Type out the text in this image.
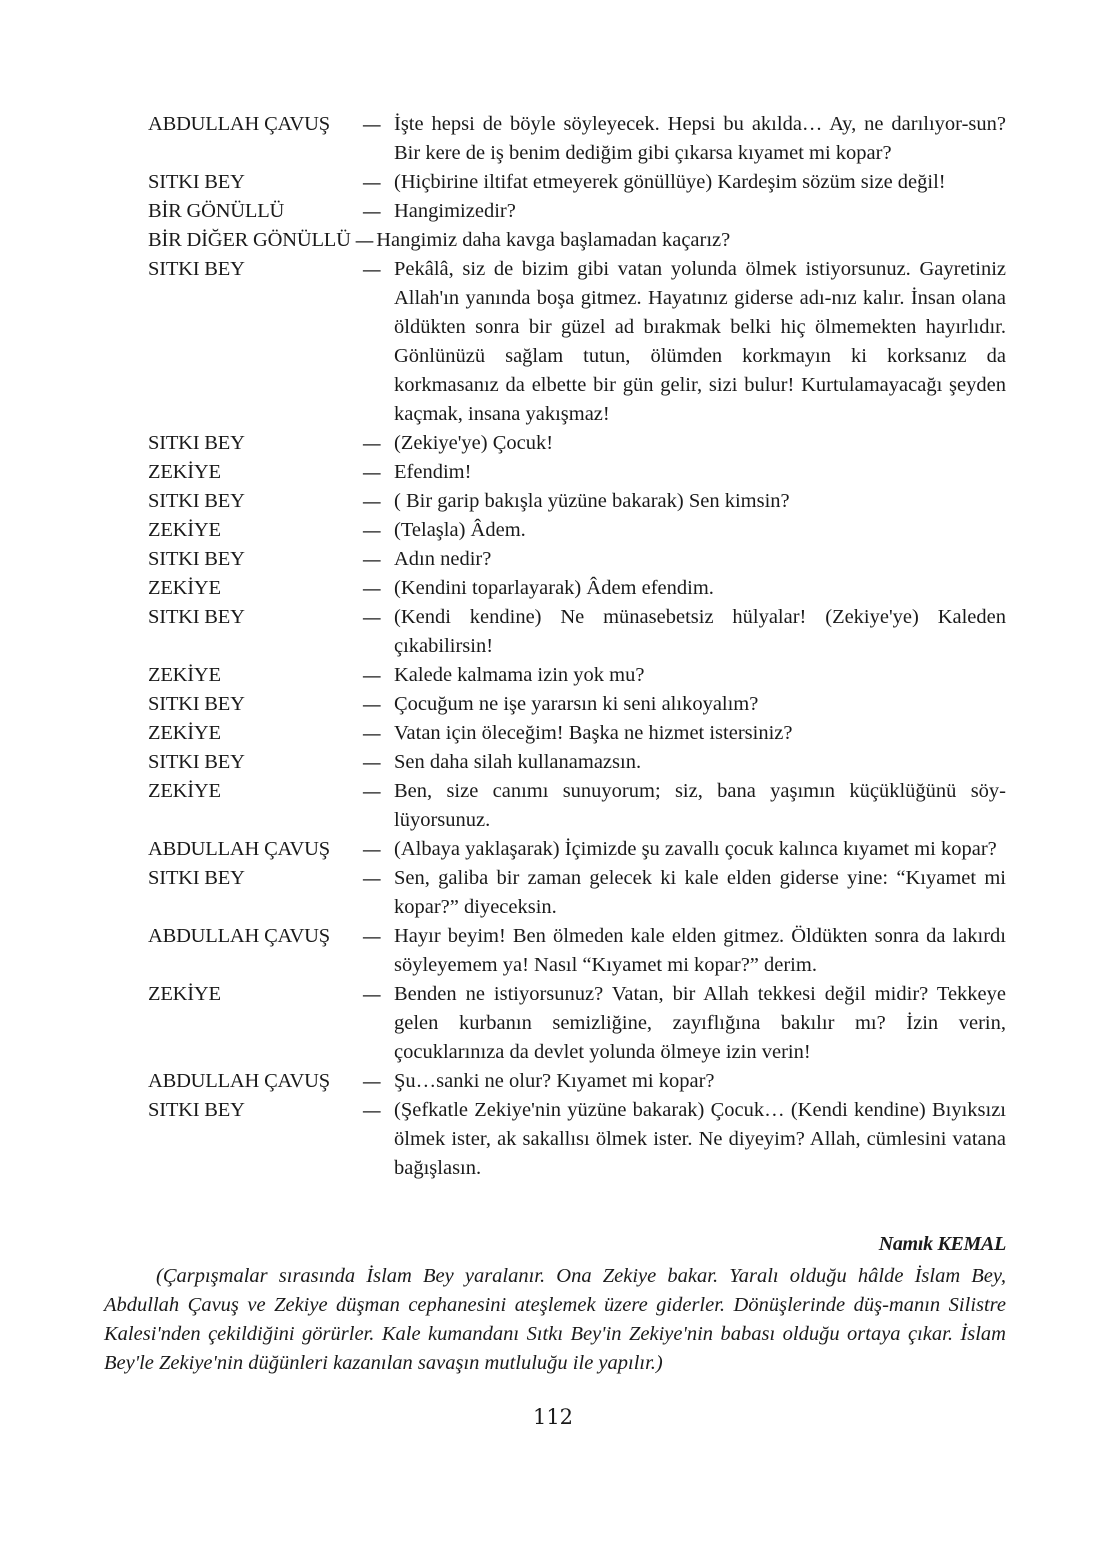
ABDULLAH ÇAVUŞ	— İşte hepsi de böyle söyleyecek. Hepsi bu akılda… Ay, ne darılıyor-sun? Bir kere de iş benim dediğim gibi çıkarsa kıyamet mi kopar?
SITKI BEY	— (Hiçbirine iltifat etmeyerek gönüllüye) Kardeşim sözüm size değil!
BİR GÖNÜLLÜ	— Hangimizedir?
BİR DİĞER GÖNÜLLÜ — Hangimiz daha kavga başlamadan kaçarız?
SITKI BEY	— Pekâlâ, siz de bizim gibi vatan yolunda ölmek istiyorsunuz. Gayretiniz Allah'ın yanında boşa gitmez. Hayatınız giderse adı-nız kalır. İnsan olana öldükten sonra bir güzel ad bırakmak belki hiç ölmemekten hayırlıdır. Gönlünüzü sağlam tutun, ölümden korkmayın ki korksanız da korkmasanız da elbette bir gün gelir, sizi bulur! Kurtulamayacağı şeyden kaçmak, insana yakışmaz!
SITKI BEY	— (Zekiye'ye) Çocuk!
ZEKİYE	— Efendim!
SITKI BEY	— ( Bir garip bakışla yüzüne bakarak) Sen kimsin?
ZEKİYE	— (Telaşla) Âdem.
SITKI BEY	— Adın nedir?
ZEKİYE	— (Kendini toparlayarak) Âdem efendim.
SITKI BEY	— (Kendi kendine) Ne münasebetsiz hülyalar! (Zekiye'ye) Kaleden çıkabilirsin!
ZEKİYE	— Kalede kalmama izin yok mu?
SITKI BEY	— Çocuğum ne işe yararsın ki seni alıkoyalım?
ZEKİYE	— Vatan için öleceğim! Başka ne hizmet istersiniz?
SITKI BEY	— Sen daha silah kullanamazsın.
ZEKİYE	— Ben, size canımı sunuyorum; siz, bana yaşımın küçüklüğünü söy-lüyorsunuz.
ABDULLAH ÇAVUŞ	— (Albaya yaklaşarak) İçimizde şu zavallı çocuk kalınca kıyamet mi kopar?
SITKI BEY	— Sen, galiba bir zaman gelecek ki kale elden giderse yine: “Kıyamet mi kopar?” diyeceksin.
ABDULLAH ÇAVUŞ	— Hayır beyim! Ben ölmeden kale elden gitmez. Öldükten sonra da lakırdı söyleyemem ya! Nasıl “Kıyamet mi kopar?” derim.
ZEKİYE	— Benden ne istiyorsunuz? Vatan, bir Allah tekkesi değil midir? Tekkeye gelen kurbanın semizliğine, zayıflığına bakılır mı? İzin verin, çocuklarınıza da devlet yolunda ölmeye izin verin!
ABDULLAH ÇAVUŞ	— Şu…sanki ne olur? Kıyamet mi kopar?
SITKI BEY	— (Şefkatle Zekiye'nin yüzüne bakarak) Çocuk… (Kendi kendine) Bıyıksızı ölmek ister, ak sakallısı ölmek ister. Ne diyeyim? Allah, cümlesini vatana bağışlasın.
Namık KEMAL
(Çarpışmalar sırasında İslam Bey yaralanır. Ona Zekiye bakar. Yaralı olduğu hâlde İslam Bey, Abdullah Çavuş ve Zekiye düşman cephanesini ateşlemek üzere giderler. Dönüşlerinde düş-manın Silistre Kalesi'nden çekildiğini görürler. Kale kumandanı Sıtkı Bey'in Zekiye'nin babası olduğu ortaya çıkar. İslam Bey'le Zekiye'nin düğünleri kazanılan savaşın mutluluğu ile yapılır.)
112
